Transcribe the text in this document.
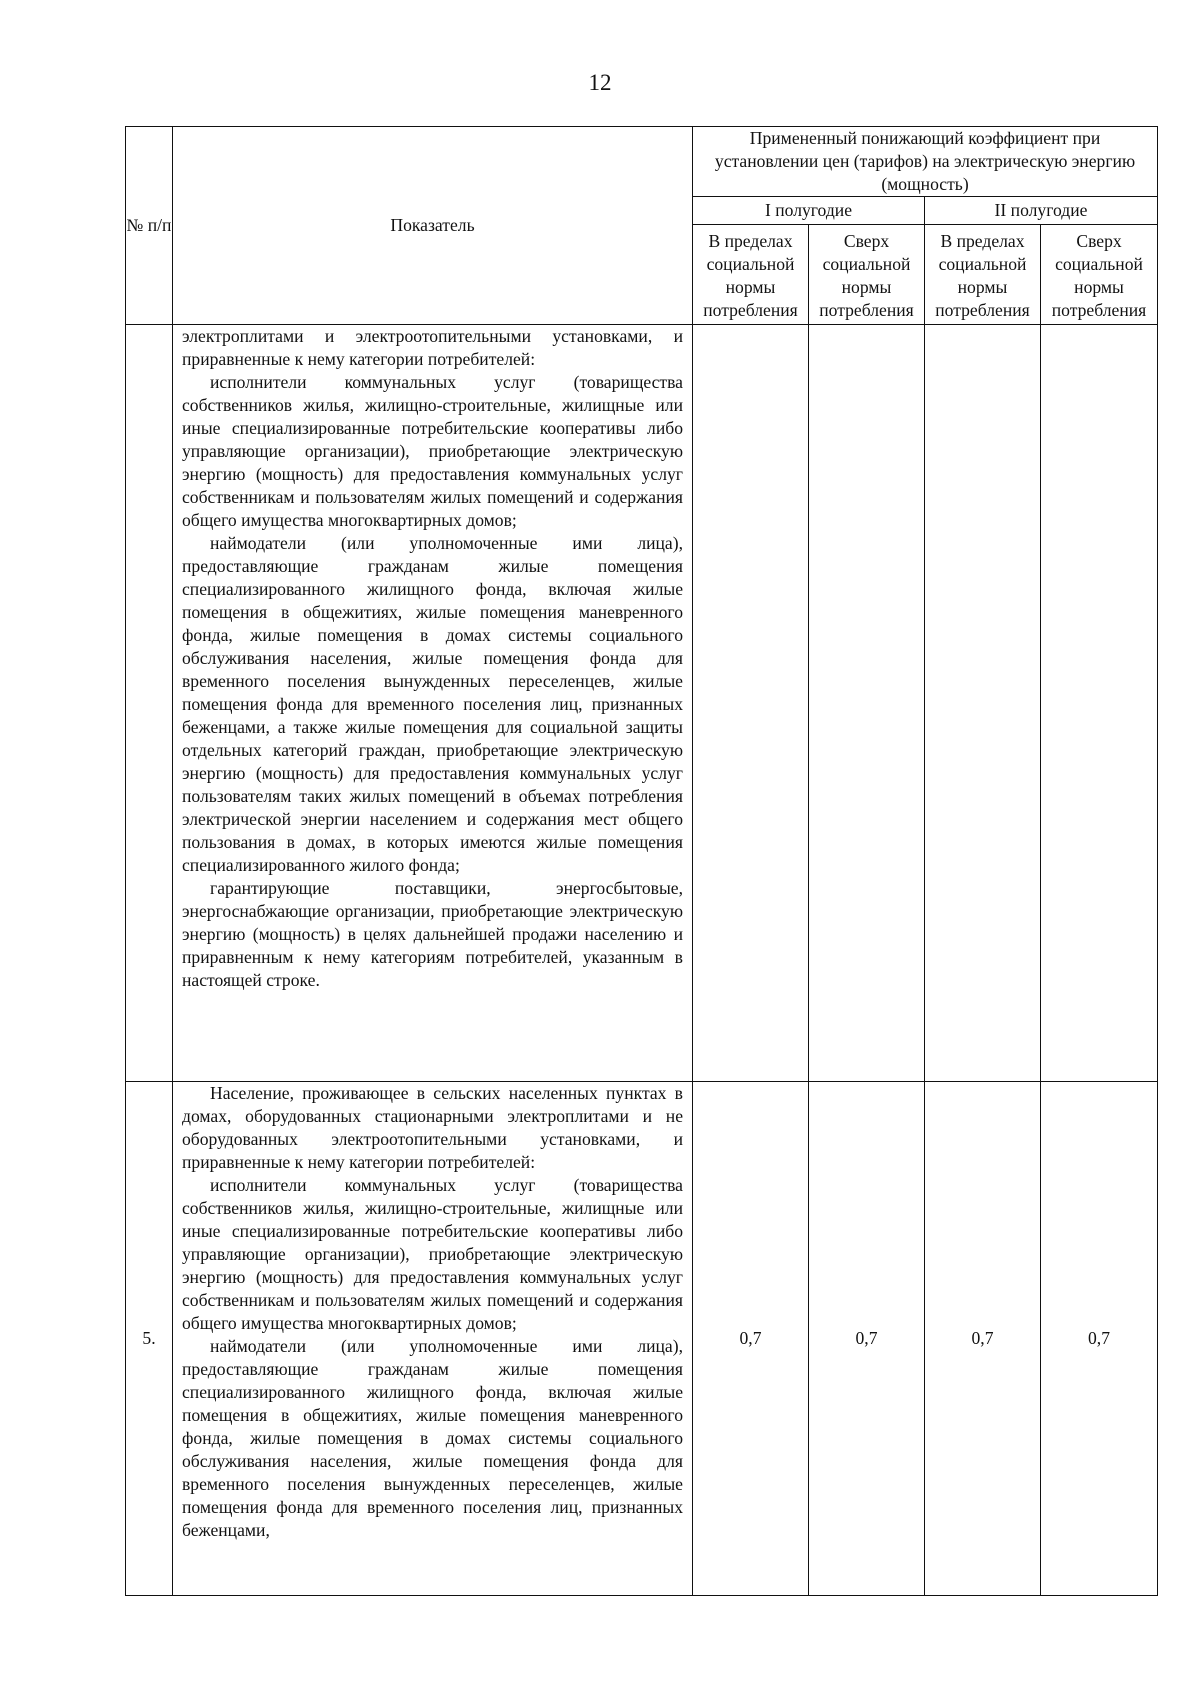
12
№ п/п	Показатель	Примененный понижающий коэффициент при установлении цен (тарифов) на электрическую энергию (мощность)			
		I полугодие		II полугодие	
		В пределах социальной нормы потребления	Сверх социальной нормы потребления	В пределах социальной нормы потребления	Сверх социальной нормы потребления

	электроплитами и электроотопительными установками, и приравненные к нему категории потребителей:

исполнители коммунальных услуг (товарищества собственников жилья, жилищно-строительные, жилищные или иные специализированные потребительские кооперативы либо управляющие организации), приобретающие электрическую энергию (мощность) для предоставления коммунальных услуг собственникам и пользователям жилых помещений и содержания общего имущества многоквартирных домов;

наймодатели (или уполномоченные ими лица), предоставляющие гражданам жилые помещения специализированного жилищного фонда, включая жилые помещения в общежитиях, жилые помещения маневренного фонда, жилые помещения в домах системы социального обслуживания населения, жилые помещения фонда для временного поселения вынужденных переселенцев, жилые помещения фонда для временного поселения лиц, признанных беженцами, а также жилые помещения для социальной защиты отдельных категорий граждан, приобретающие электрическую энергию (мощность) для предоставления коммунальных услуг пользователям таких жилых помещений в объемах потребления электрической энергии населением и содержания мест общего пользования в домах, в которых имеются жилые помещения специализированного жилого фонда;

гарантирующие поставщики, энергосбытовые, энергоснабжающие организации, приобретающие электрическую энергию (мощность) в целях дальнейшей продажи населению и приравненным к нему категориям потребителей, указанным в настоящей строке.				

5.	Население, проживающее в сельских населенных пунктах в домах, оборудованных стационарными электроплитами и не оборудованных электроотопительными установками, и приравненные к нему категории потребителей:

исполнители коммунальных услуг (товарищества собственников жилья, жилищно-строительные, жилищные или иные специализированные потребительские кооперативы либо управляющие организации), приобретающие электрическую энергию (мощность) для предоставления коммунальных услуг собственникам и пользователям жилых помещений и содержания общего имущества многоквартирных домов;

наймодатели (или уполномоченные ими лица), предоставляющие гражданам жилые помещения специализированного жилищного фонда, включая жилые помещения в общежитиях, жилые помещения маневренного фонда, жилые помещения в домах системы социального обслуживания населения, жилые помещения фонда для временного поселения вынужденных переселенцев, жилые помещения фонда для временного поселения лиц, признанных беженцами,	0,7	0,7	0,7	0,7
